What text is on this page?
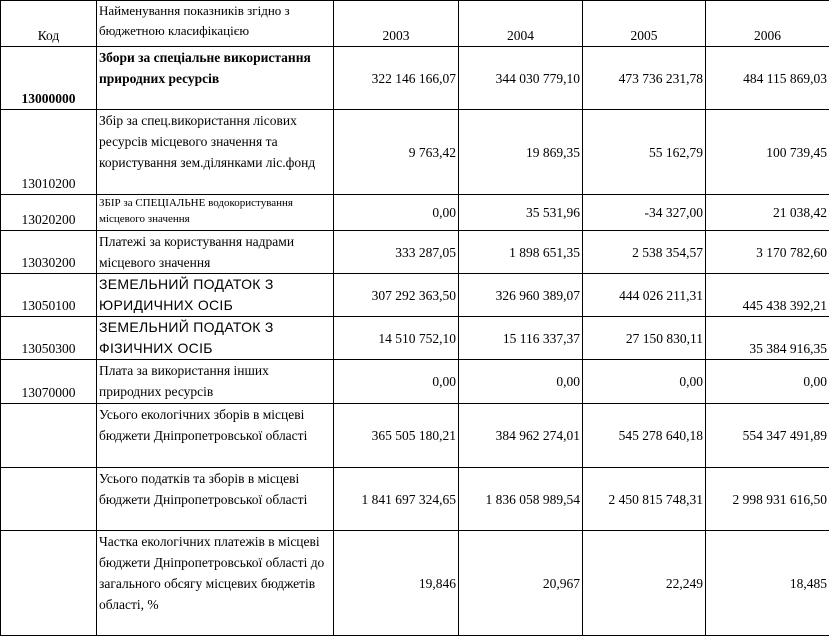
Код	Найменування показників згідно з бюджетною класифікацією	2003	2004	2005	2006
13000000	Збори за спеціальне використання природних ресурсів	322 146 166,07	344 030 779,10	473 736 231,78	484 115 869,03
13010200	Збір за спец.використання лісових ресурсів місцевого значення та користування зем.ділянками ліс.фонд	9 763,42	19 869,35	55 162,79	100 739,45
13020200	ЗБІР за СПЕЦІАЛЬНЕ водокористування місцевого значення	0,00	35 531,96	-34 327,00	21 038,42
13030200	Платежі за користування надрами місцевого значення	333 287,05	1 898 651,35	2 538 354,57	3 170 782,60
13050100	ЗЕМЕЛЬНИЙ ПОДАТОК З ЮРИДИЧНИХ ОСІБ	307 292 363,50	326 960 389,07	444 026 211,31	445 438 392,21
13050300	ЗЕМЕЛЬНИЙ ПОДАТОК З ФІЗИЧНИХ ОСІБ	14 510 752,10	15 116 337,37	27 150 830,11	35 384 916,35
13070000	Плата за використання інших природних ресурсів	0,00	0,00	0,00	0,00
	Усього екологічних зборів в місцеві бюджети Дніпропетровської області	365 505 180,21	384 962 274,01	545 278 640,18	554 347 491,89
	Усього податків та зборів в місцеві бюджети Дніпропетровської області	1 841 697 324,65	1 836 058 989,54	2 450 815 748,31	2 998 931 616,50
	Частка екологічних платежів в місцеві бюджети Дніпропетровської області до загального обсягу місцевих бюджетів області, %	19,846	20,967	22,249	18,485
